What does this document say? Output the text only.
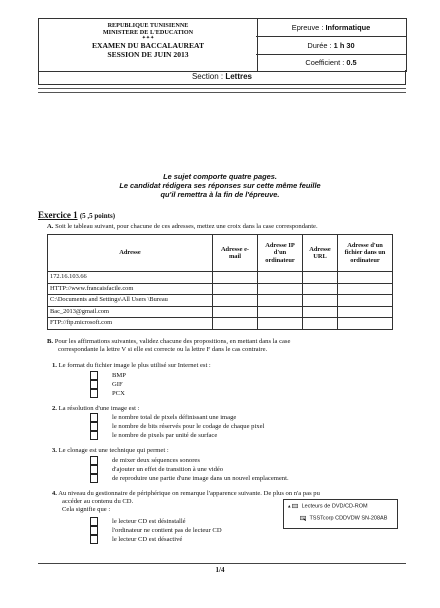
REPUBLIQUE TUNISIENNE
MINISTERE DE L'EDUCATION
✦✦✦
EXAMEN DU BACCALAUREAT
SESSION DE JUIN 2013
Epreuve : Informatique
Durée : 1 h 30
Coefficient : 0.5
Section : Lettres
Le sujet comporte quatre pages.
Le candidat rédigera ses réponses sur cette même feuille
qu'il remettra à la fin de l'épreuve.
Exercice 1 (5 ,5 points)
A. Soit le tableau suivant, pour chacune de ces adresses, mettez une croix dans la case correspondante.
Adresse	Adresse e-mail	Adresse IP d'un ordinateur	Adresse URL	Adresse d'un fichier dans un ordinateur
172.16.103.66				
HTTP://www.francaisfacile.com				
C:\Documents and Settings\All Users \Bureau				
Bac_2013@gmail.com				
FTP://ftp.microsoft.com				
B. Pour les affirmations suivantes, validez chacune des propositions, en mettant dans la case
correspondante la lettre V si elle est correcte ou la lettre F dans le cas contraire.
1. Le format du fichier image le plus utilisé sur Internet est :
BMP
GIF
PCX
2. La résolution d'une image est :
le nombre total de pixels définissant une image
le nombre de bits réservés pour le codage de chaque pixel
le nombre de pixels par unité de surface
3. Le clonage est une technique qui permet :
de mixer deux séquences sonores
d'ajouter un effet de transition à une vidéo
de reproduire une partie d'une image dans un nouvel emplacement.
4. Au niveau du gestionnaire de périphérique on remarque l'apparence suivante. De plus on n'a pas pu
accéder au contenu du CD.
Cela signifie que :	▴ Lecteurs de DVD/CD-ROM
TSSTcorp CDDVDW SN-208AB
le lecteur CD est désinstallé
l'ordinateur ne contient pas de lecteur CD
le lecteur CD est désactivé
1/4
